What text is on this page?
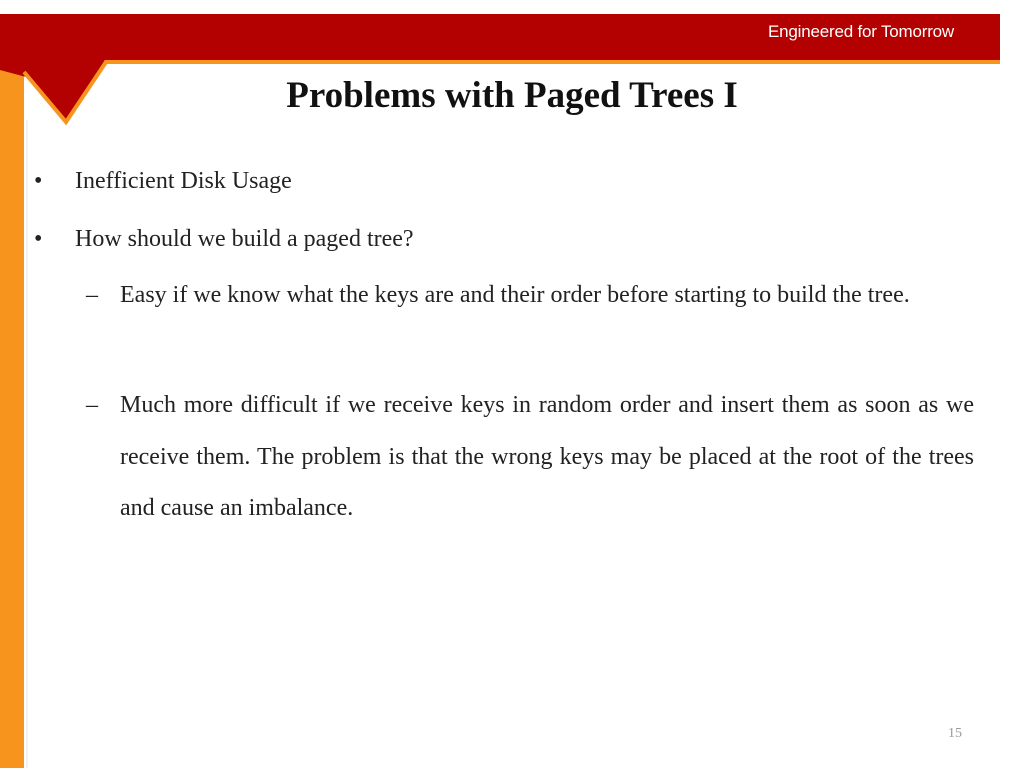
Engineered for Tomorrow
Problems with Paged Trees I
•	Inefficient Disk Usage
•	How should we build a paged tree?
– Easy if we know what the keys are and their order before starting to build the tree.
– Much more difficult if we receive keys in random order and insert them as soon as we receive them. The problem is that the wrong keys may be placed at the root of the trees and cause an imbalance.
15
